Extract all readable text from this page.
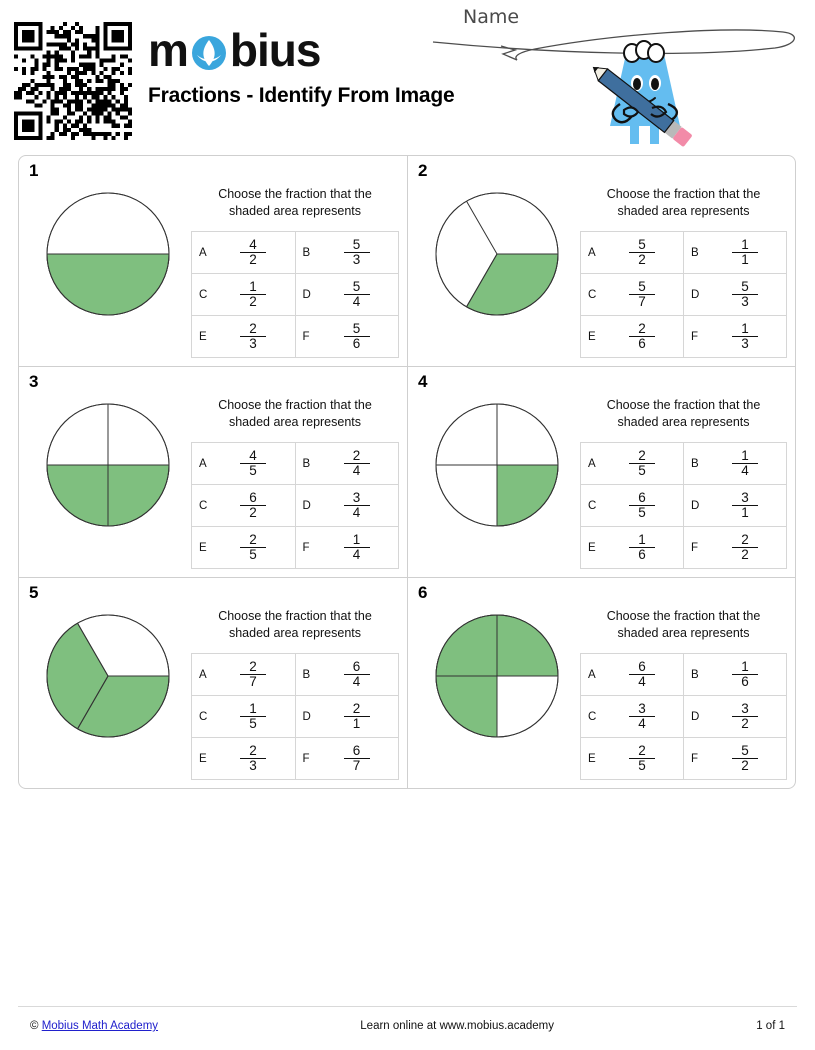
m bius
Fractions - Identify From Image
Name
1
Choose the fraction that the shaded area represents
A $\frac{4}{2}$	B $\frac{5}{3}$

C $\frac{1}{2}$	D $\frac{5}{4}$

E $\frac{2}{3}$	F $\frac{5}{6}$
2
Choose the fraction that the shaded area represents
A $\frac{5}{2}$	B $\frac{1}{1}$

C $\frac{5}{7}$	D $\frac{5}{3}$

E $\frac{2}{6}$	F $\frac{1}{3}$
3
Choose the fraction that the shaded area represents
A $\frac{4}{5}$	B $\frac{2}{4}$

C $\frac{6}{2}$	D $\frac{3}{4}$

E $\frac{2}{5}$	F $\frac{1}{4}$
4
Choose the fraction that the shaded area represents
A $\frac{2}{5}$	B $\frac{1}{4}$

C $\frac{6}{5}$	D $\frac{3}{1}$

E $\frac{1}{6}$	F $\frac{2}{2}$
5
Choose the fraction that the shaded area represents
A $\frac{2}{7}$	B $\frac{6}{4}$

C $\frac{1}{5}$	D $\frac{2}{1}$

E $\frac{2}{3}$	F $\frac{6}{7}$
6
Choose the fraction that the shaded area represents
A $\frac{6}{4}$	B $\frac{1}{6}$

C $\frac{3}{4}$	D $\frac{3}{2}$

E $\frac{2}{5}$	F $\frac{5}{2}$
© Mobius Math Academy	Learn online at www.mobius.academy	1 of 1
